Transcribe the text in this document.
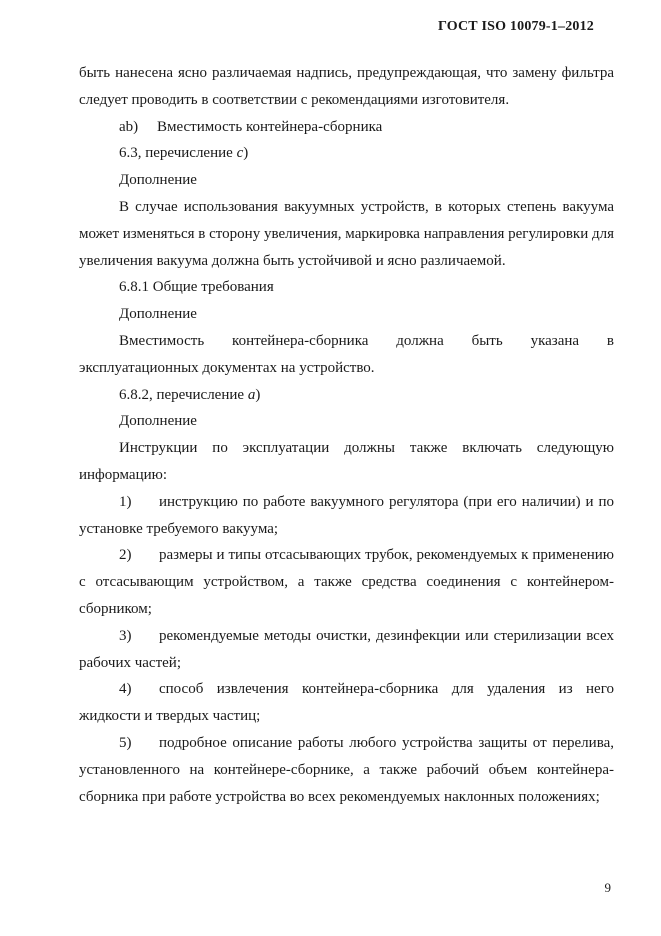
ГОСТ ISO 10079-1–2012

быть нанесена ясно различаемая надпись, предупреждающая, что замену фильтра следует проводить в соответствии с рекомендациями изготовителя.

ab) Вместимость контейнера-сборника

6.3, перечисление c)

Дополнение

В случае использования вакуумных устройств, в которых степень вакуума может изменяться в сторону увеличения, маркировка направления регулировки для увеличения вакуума должна быть устойчивой и ясно различаемой.

6.8.1 Общие требования

Дополнение

Вместимость контейнера-сборника должна быть указана в эксплуатационных документах на устройство.

6.8.2, перечисление a)

Дополнение

Инструкции по эксплуатации должны также включать следующую информацию:

1) инструкцию по работе вакуумного регулятора (при его наличии) и по установке требуемого вакуума;

2) размеры и типы отсасывающих трубок, рекомендуемых к применению с отсасывающим устройством, а также средства соединения с контейнером-сборником;

3) рекомендуемые методы очистки, дезинфекции или стерилизации всех рабочих частей;

4) способ извлечения контейнера-сборника для удаления из него жидкости и твердых частиц;

5) подробное описание работы любого устройства защиты от перелива, установленного на контейнере-сборнике, а также рабочий объем контейнера-сборника при работе устройства во всех рекомендуемых наклонных положениях;

9
